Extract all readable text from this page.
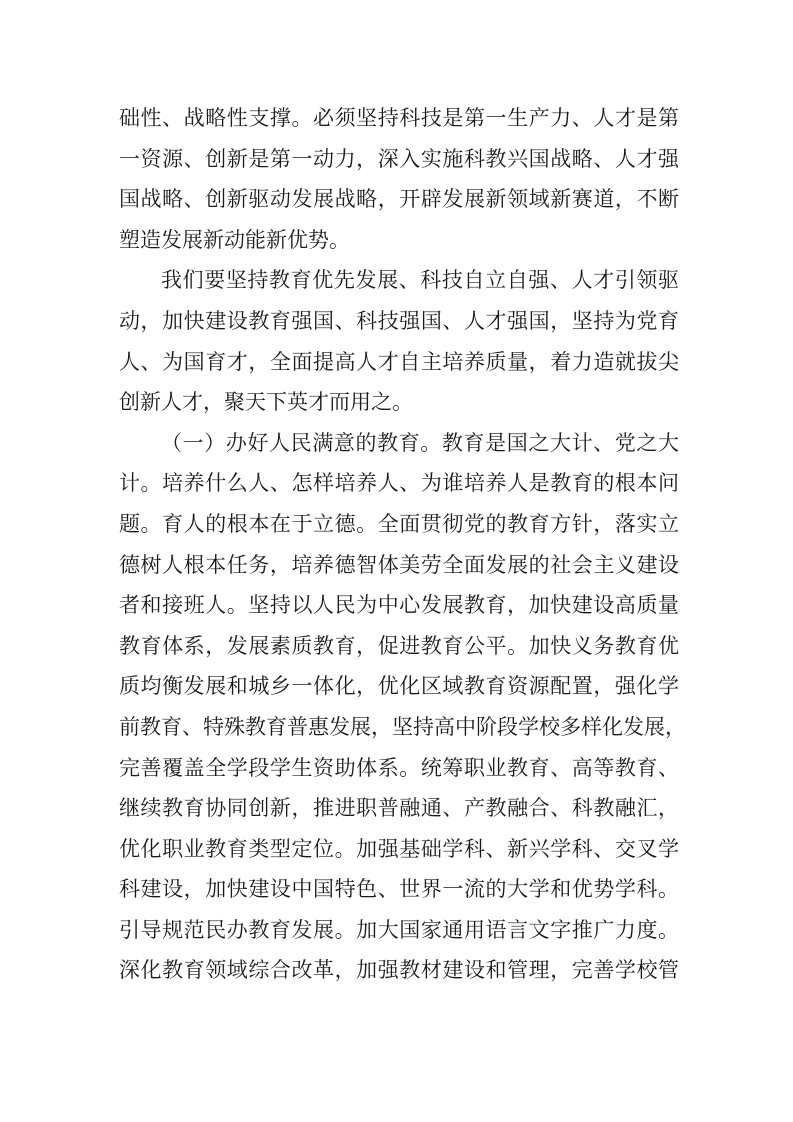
础性、战略性支撑。必须坚持科技是第一生产力、人才是第
一资源、创新是第一动力，深入实施科教兴国战略、人才强
国战略、创新驱动发展战略，开辟发展新领域新赛道，不断
塑造发展新动能新优势。
我们要坚持教育优先发展、科技自立自强、人才引领驱
动，加快建设教育强国、科技强国、人才强国，坚持为党育
人、为国育才，全面提高人才自主培养质量，着力造就拔尖
创新人才，聚天下英才而用之。
（一）办好人民满意的教育。教育是国之大计、党之大
计。培养什么人、怎样培养人、为谁培养人是教育的根本问
题。育人的根本在于立德。全面贯彻党的教育方针，落实立
德树人根本任务，培养德智体美劳全面发展的社会主义建设
者和接班人。坚持以人民为中心发展教育，加快建设高质量
教育体系，发展素质教育，促进教育公平。加快义务教育优
质均衡发展和城乡一体化，优化区域教育资源配置，强化学
前教育、特殊教育普惠发展，坚持高中阶段学校多样化发展，
完善覆盖全学段学生资助体系。统筹职业教育、高等教育、
继续教育协同创新，推进职普融通、产教融合、科教融汇，
优化职业教育类型定位。加强基础学科、新兴学科、交叉学
科建设，加快建设中国特色、世界一流的大学和优势学科。
引导规范民办教育发展。加大国家通用语言文字推广力度。
深化教育领域综合改革，加强教材建设和管理，完善学校管
